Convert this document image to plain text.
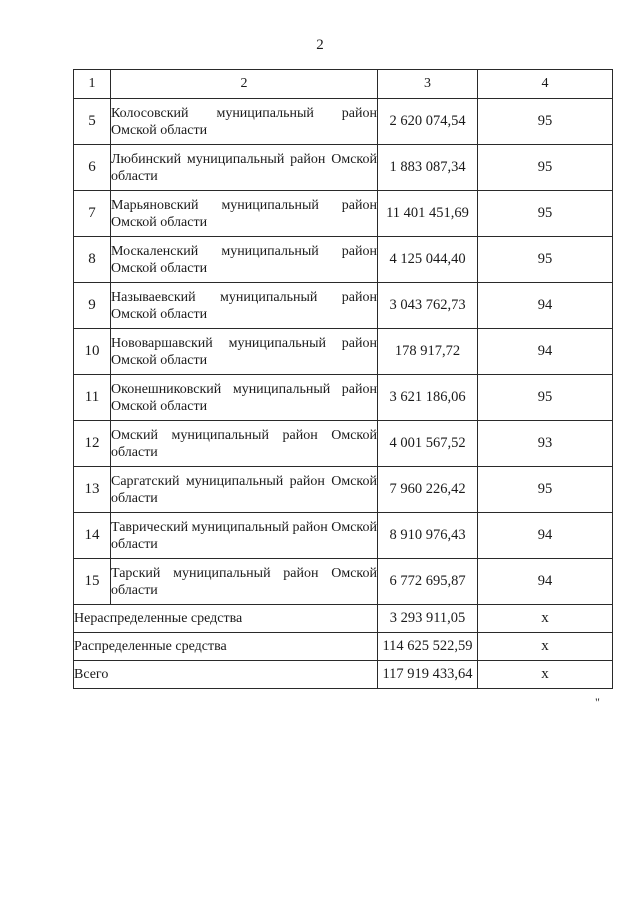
2
1	2	3	4
5	Колосовский муниципальный район Омской области	2 620 074,54	95
6	Любинский муниципальный район Омской области	1 883 087,34	95
7	Марьяновский муниципальный район Омской области	11 401 451,69	95
8	Москаленский муниципальный район Омской области	4 125 044,40	95
9	Называевский муниципальный район Омской области	3 043 762,73	94
10	Нововаршавский муниципальный район Омской области	178 917,72	94
11	Оконешниковский муниципальный район Омской области	3 621 186,06	95
12	Омский муниципальный район Омской области	4 001 567,52	93
13	Саргатский муниципальный район Омской области	7 960 226,42	95
14	Таврический муниципальный район Омской области	8 910 976,43	94
15	Тарский муниципальный район Омской области	6 772 695,87	94
Нераспределенные средства		3 293 911,05	х
Распределенные средства		114 625 522,59	х
Всего		117 919 433,64	х
"
